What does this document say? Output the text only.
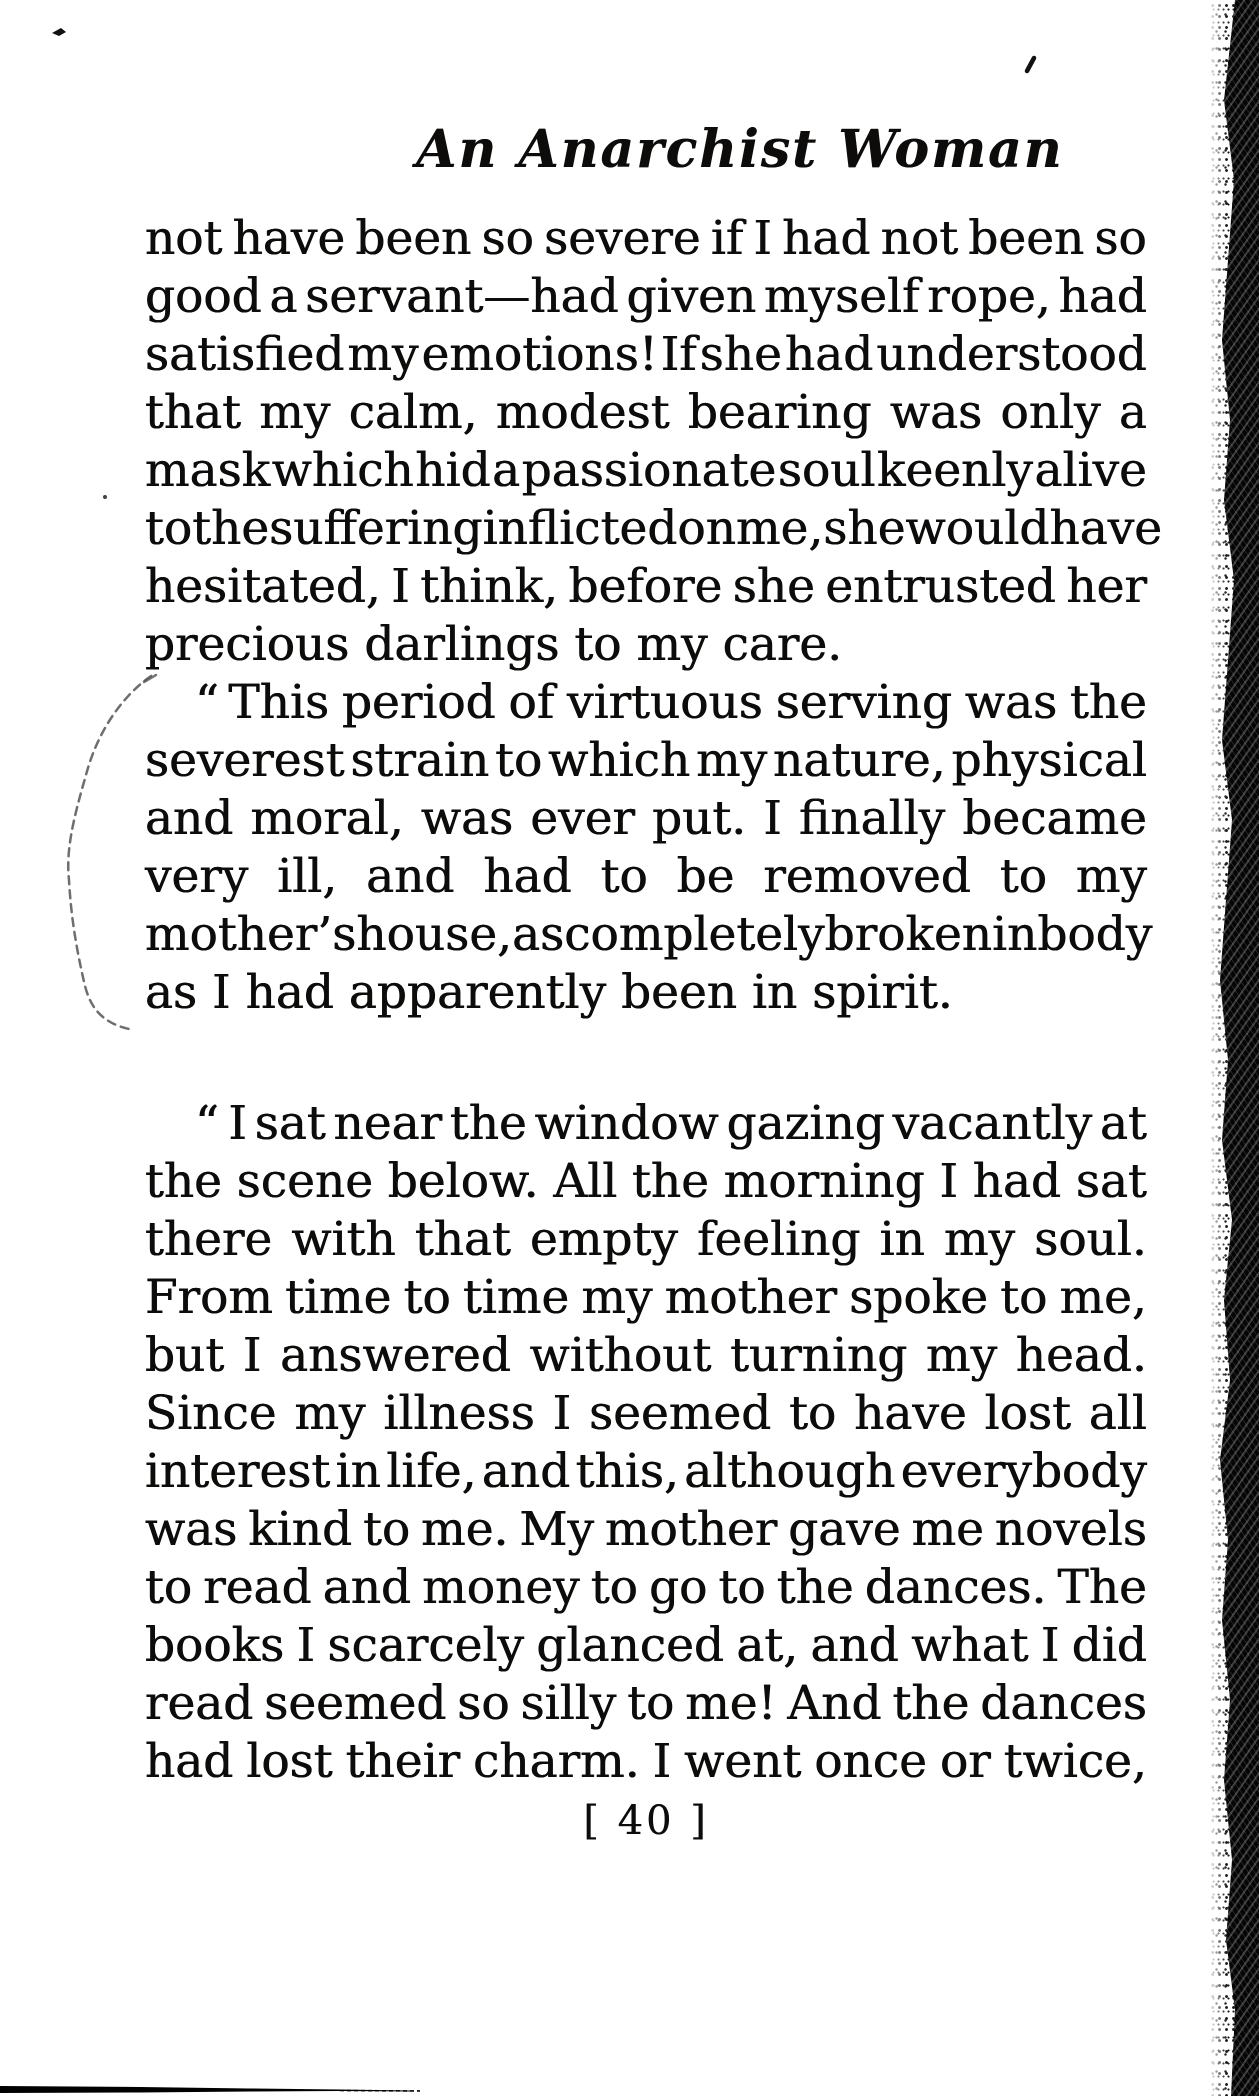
An Anarchist Woman
not have been so severe if I had not been so
good a servant—had given myself rope, had
satisfied my emotions! If she had understood
that my calm, modest bearing was only a
mask which hid a passionate soul keenly alive
to the suffering inflicted on me, she would have
hesitated, I think, before she entrusted her
precious darlings to my care.
“ This period of virtuous serving was the
severest strain to which my nature, physical
and moral, was ever put. I finally became
very ill, and had to be removed to my
mother’s house, as completely broken in body
as I had apparently been in spirit.
“ I sat near the window gazing vacantly at
the scene below. All the morning I had sat
there with that empty feeling in my soul.
From time to time my mother spoke to me,
but I answered without turning my head.
Since my illness I seemed to have lost all
interest in life, and this, although everybody
was kind to me. My mother gave me novels
to read and money to go to the dances. The
books I scarcely glanced at, and what I did
read seemed so silly to me! And the dances
had lost their charm. I went once or twice,
[ 40 ]
